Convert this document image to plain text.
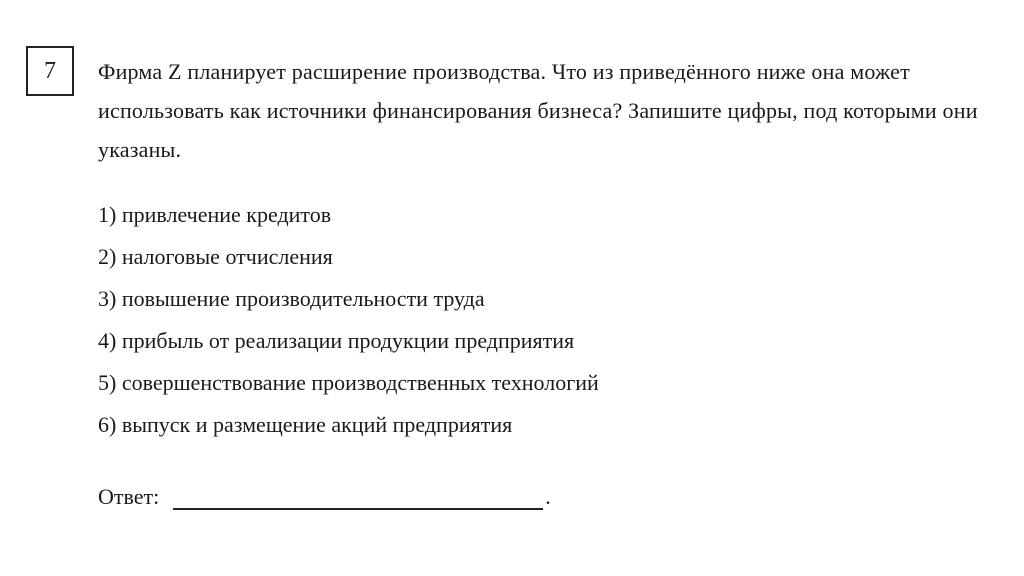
7 Фирма Z планирует расширение производства. Что из приведённого ниже она может использовать как источники финансирования бизнеса? Запишите цифры, под которыми они указаны.

1) привлечение кредитов
2) налоговые отчисления
3) повышение производительности труда
4) прибыль от реализации продукции предприятия
5) совершенствование производственных технологий
6) выпуск и размещение акций предприятия
Ответ:	.
